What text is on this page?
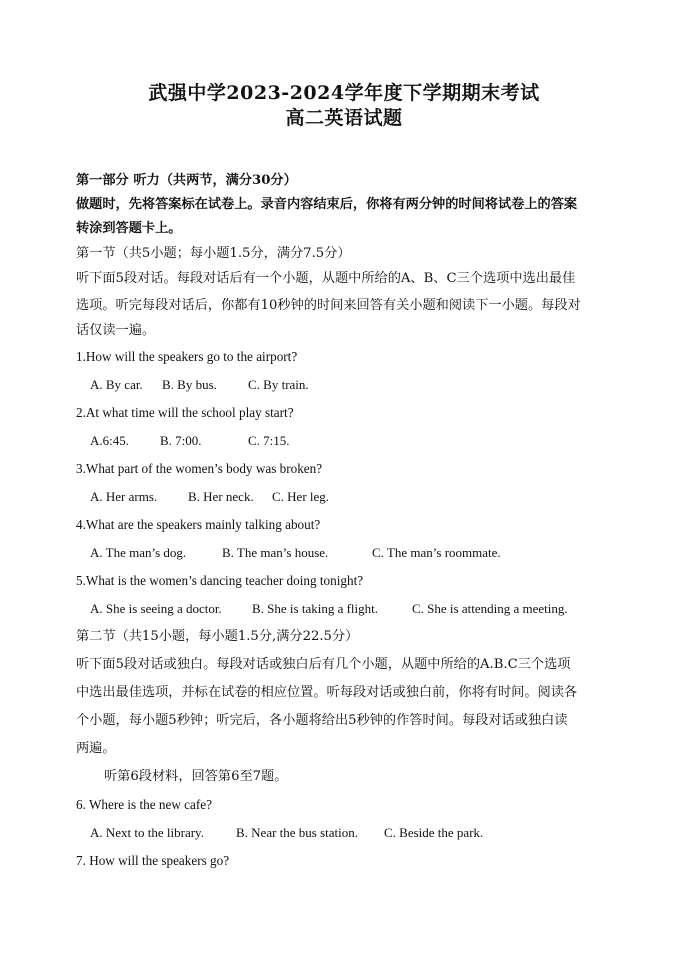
武强中学2023-2024学年度下学期期末考试
高二英语试题
第一部分 听力（共两节，满分30分）
做题时，先将答案标在试卷上。录音内容结束后，你将有两分钟的时间将试卷上的答案
转涂到答题卡上。
第一节（共5小题；每小题1.5分，满分7.5分）
听下面5段对话。每段对话后有一个小题，从题中所给的A、B、C三个选项中选出最佳
选项。听完每段对话后，你都有10秒钟的时间来回答有关小题和阅读下一小题。每段对
话仅读一遍。
1.How will the speakers go to the airport?
A. By car. B. By bus. C. By train.
2.At what time will the school play start?
A.6:45. B. 7:00.	C. 7:15.
3.What part of the women’s body was broken?
A. Her arms. B. Her neck. C. Her leg.
4.What are the speakers mainly talking about?
A. The man’s dog.	B. The man’s house.	C. The man’s roommate.
5.What is the women’s dancing teacher doing tonight?
A. She is seeing a doctor. B. She is taking a flight.	C. She is attending a meeting.
第二节（共15小题，每小题1.5分,满分22.5分）
听下面5段对话或独白。每段对话或独白后有几个小题，从题中所给的A.B.C三个选项
中选出最佳选项，并标在试卷的相应位置。听每段对话或独白前，你将有时间。阅读各
个小题，每小题5秒钟；听完后，各小题将给出5秒钟的作答时间。每段对话或独白读
两遍。
听第6段材料，回答第6至7题。
6. Where is the new cafe?
A. Next to the library. B. Near the bus station. C. Beside the park.
7. How will the speakers go?
